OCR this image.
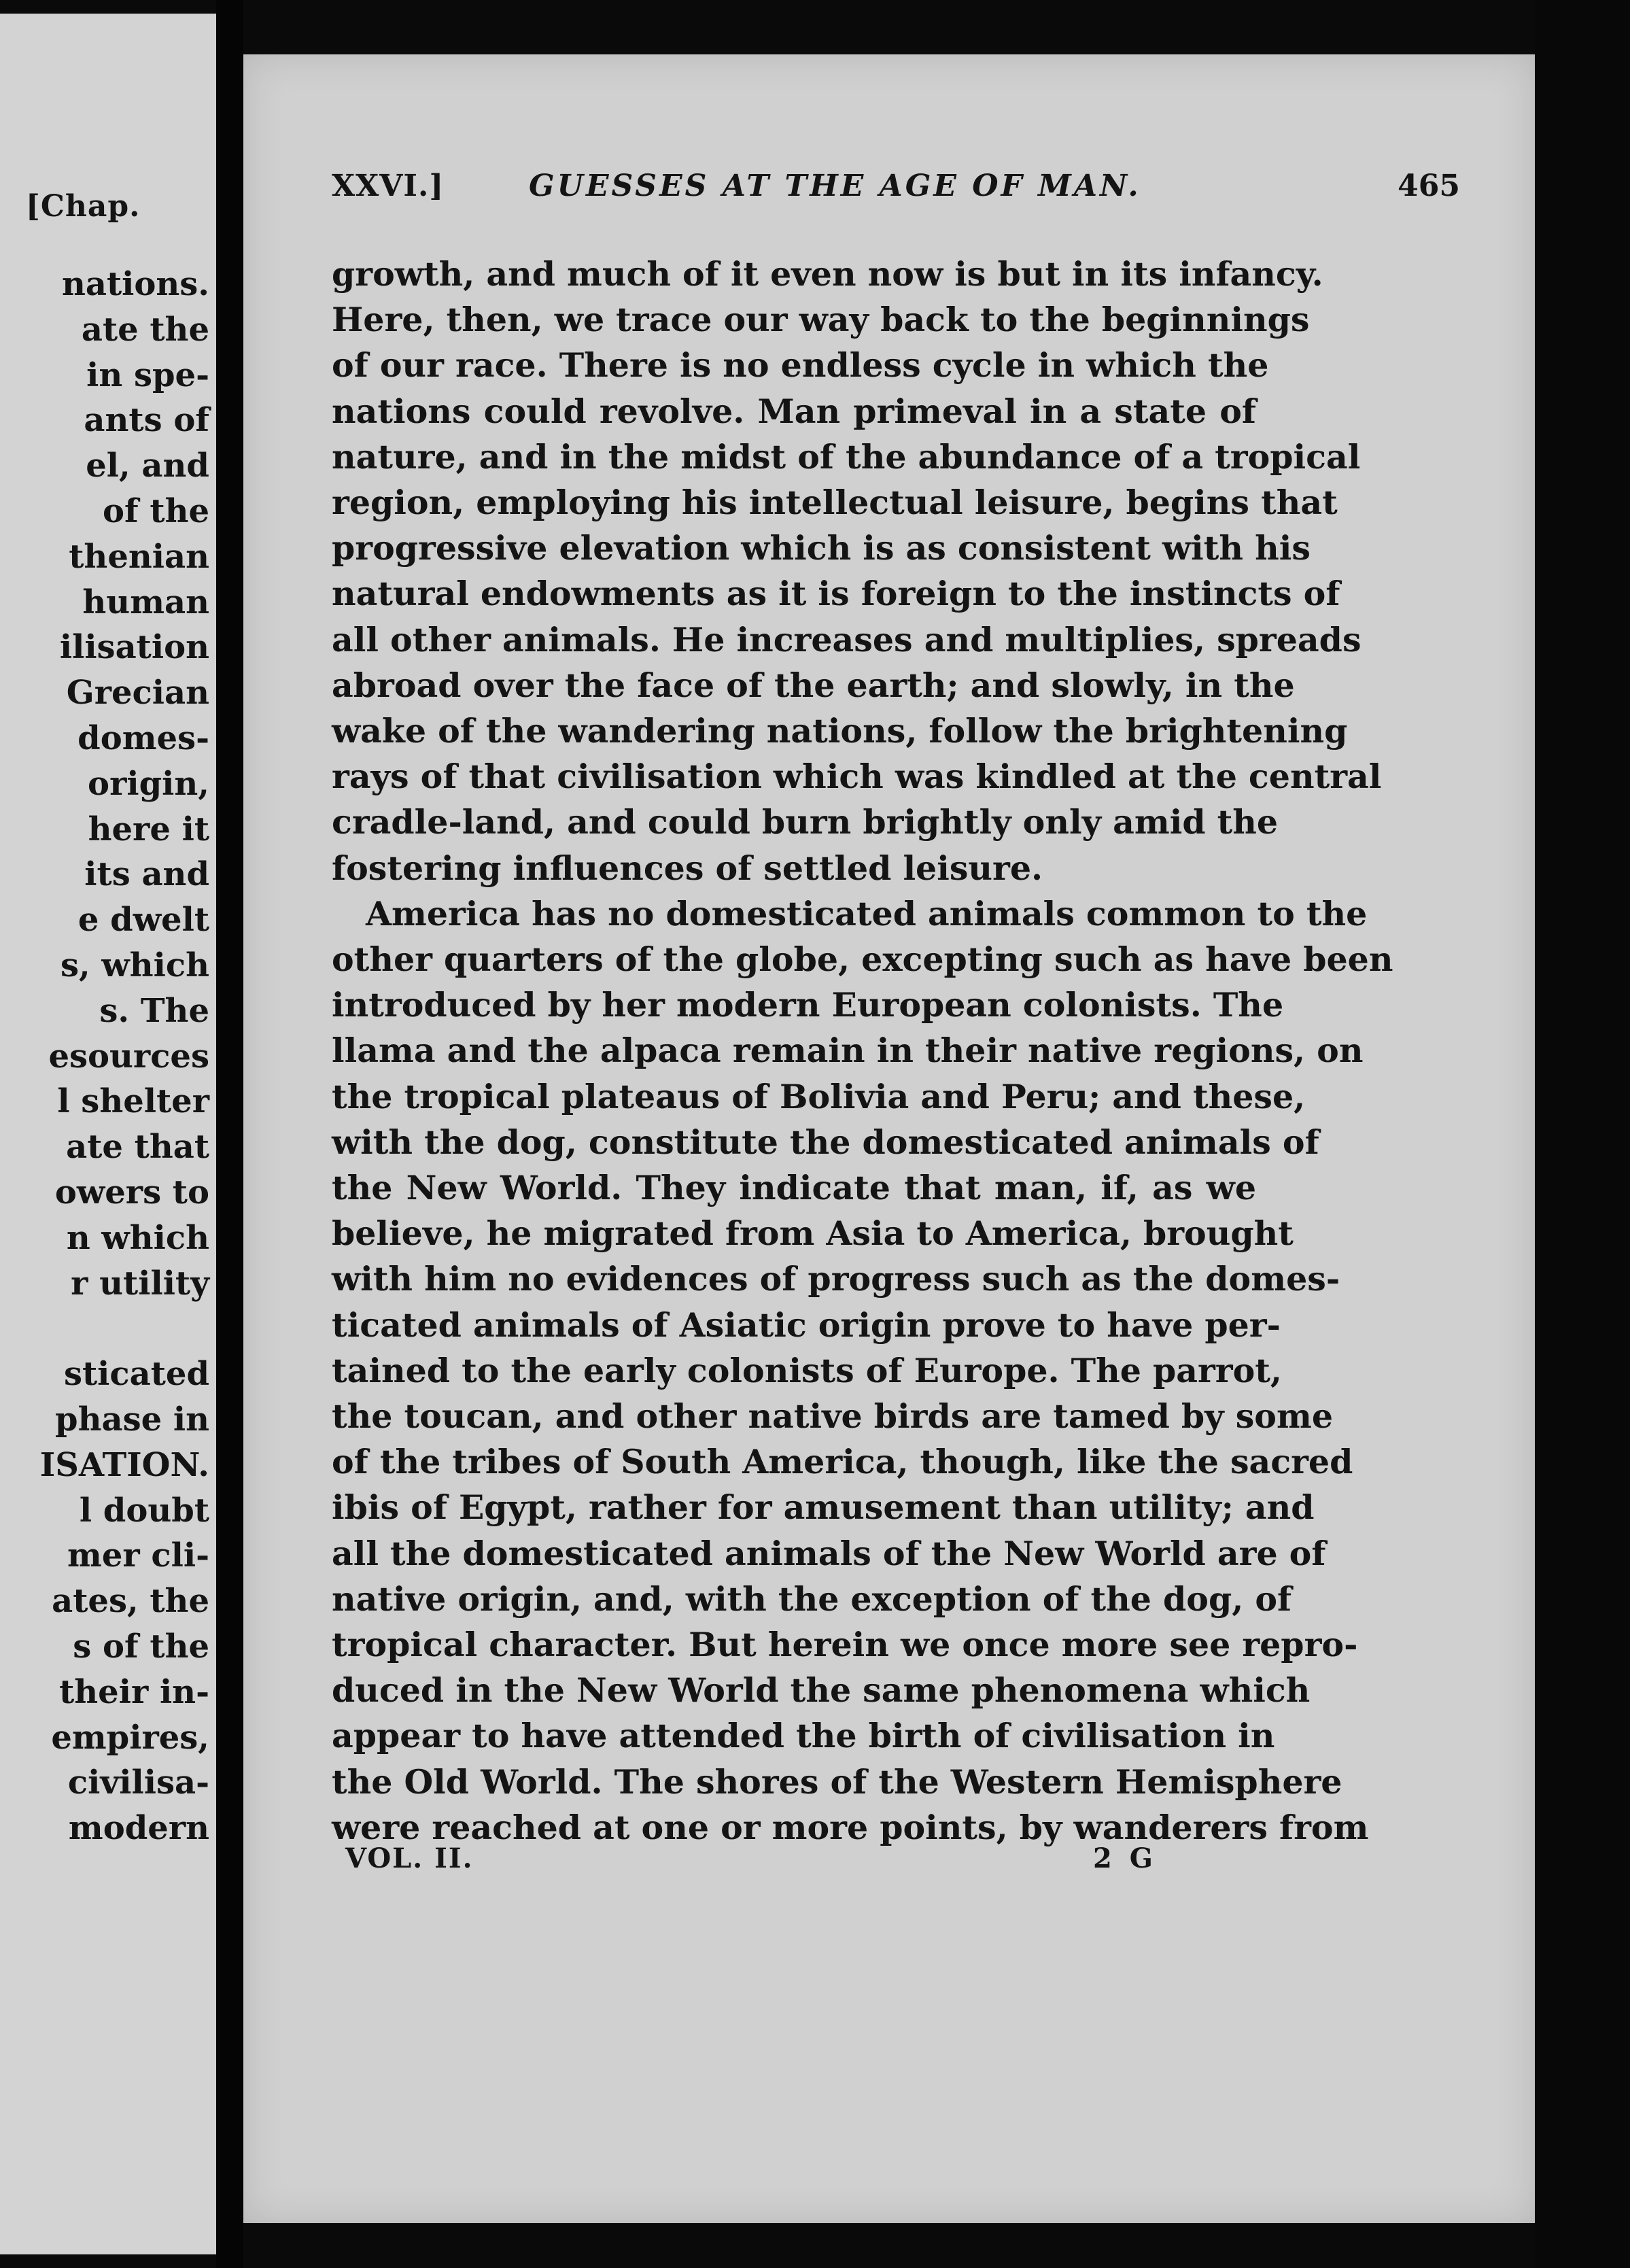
[Chap.
nations.
ate the
in spe-
ants of
el, and
of the
thenian
human
ilisation
Grecian
domes-
origin,
here it
its and
e dwelt
s, which
s. The
esources
l shelter
ate that
owers to
n which
r utility
sticated
phase in
ISATION.
l doubt
mer cli-
ates, the
s of the
their in-
empires,
civilisa-
modern
XXVI.]	GUESSES AT THE AGE OF MAN.	465
growth, and much of it even now is but in its infancy.
Here, then, we trace our way back to the beginnings
of our race. There is no endless cycle in which the
nations could revolve. Man primeval in a state of
nature, and in the midst of the abundance of a tropical
region, employing his intellectual leisure, begins that
progressive elevation which is as consistent with his
natural endowments as it is foreign to the instincts of
all other animals. He increases and multiplies, spreads
abroad over the face of the earth; and slowly, in the
wake of the wandering nations, follow the brightening
rays of that civilisation which was kindled at the central
cradle-land, and could burn brightly only amid the
fostering influences of settled leisure.
America has no domesticated animals common to the
other quarters of the globe, excepting such as have been
introduced by her modern European colonists. The
llama and the alpaca remain in their native regions, on
the tropical plateaus of Bolivia and Peru; and these,
with the dog, constitute the domesticated animals of
the New World. They indicate that man, if, as we
believe, he migrated from Asia to America, brought
with him no evidences of progress such as the domes-
ticated animals of Asiatic origin prove to have per-
tained to the early colonists of Europe. The parrot,
the toucan, and other native birds are tamed by some
of the tribes of South America, though, like the sacred
ibis of Egypt, rather for amusement than utility; and
all the domesticated animals of the New World are of
native origin, and, with the exception of the dog, of
tropical character. But herein we once more see repro-
duced in the New World the same phenomena which
appear to have attended the birth of civilisation in
the Old World. The shores of the Western Hemisphere
were reached at one or more points, by wanderers from
VOL. II.	2 G
